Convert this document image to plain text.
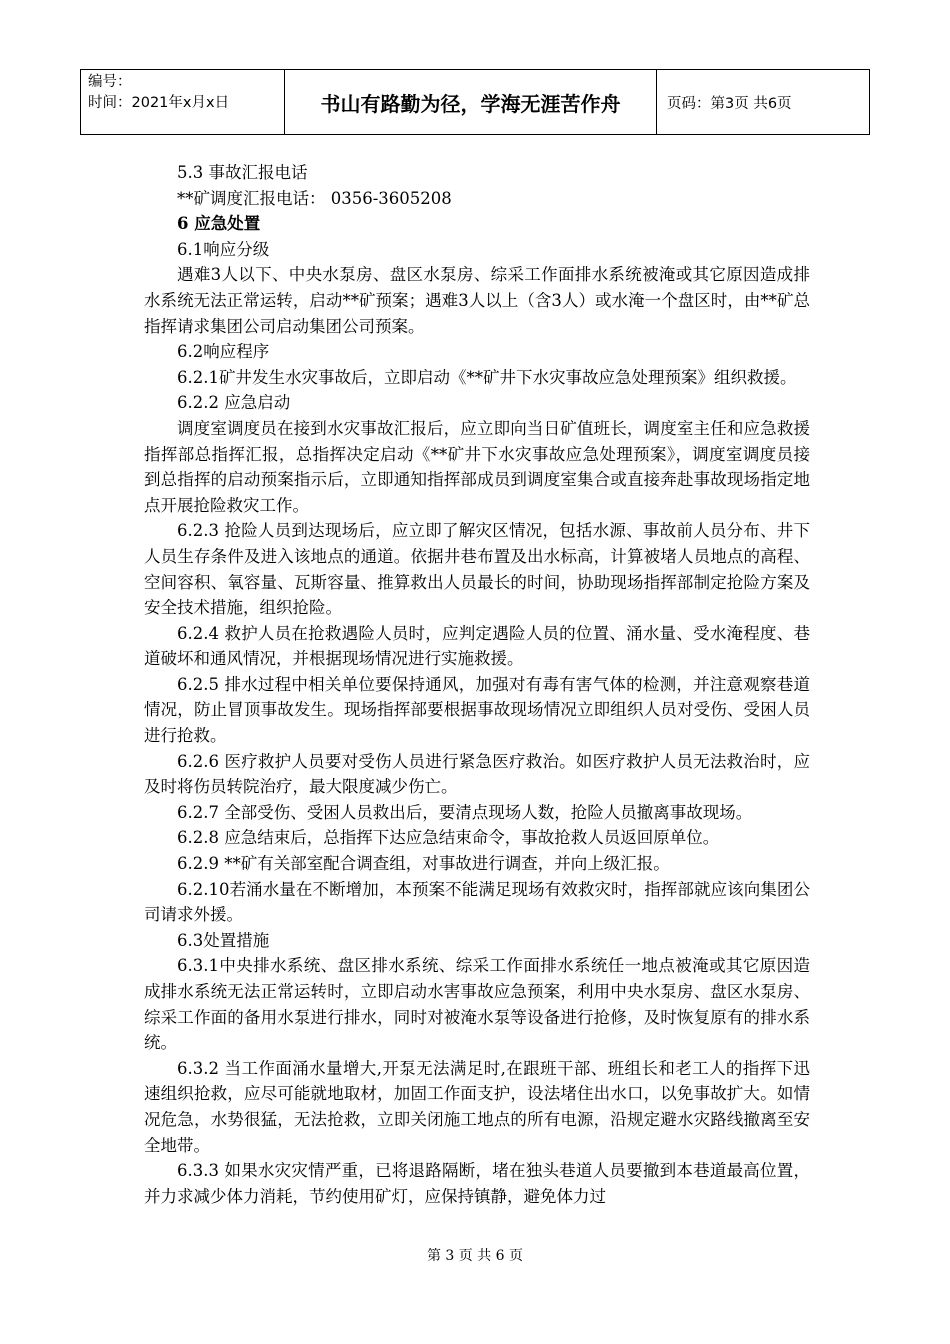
编号：
时间：2021年x月x日	书山有路勤为径，学海无涯苦作舟	页码：第3页 共6页

5.3 事故汇报电话

**矿调度汇报电话： 0356-3605208

6 应急处置

6.1响应分级

遇难3人以下、中央水泵房、盘区水泵房、综采工作面排水系统被淹或其它原因造成排水系统无法正常运转，启动**矿预案；遇难3人以上（含3人）或水淹一个盘区时，由**矿总指挥请求集团公司启动集团公司预案。

6.2响应程序

6.2.1矿井发生水灾事故后，立即启动《**矿井下水灾事故应急处理预案》组织救援。

6.2.2 应急启动

调度室调度员在接到水灾事故汇报后，应立即向当日矿值班长，调度室主任和应急救援指挥部总指挥汇报，总指挥决定启动《**矿井下水灾事故应急处理预案》，调度室调度员接到总指挥的启动预案指示后，立即通知指挥部成员到调度室集合或直接奔赴事故现场指定地点开展抢险救灾工作。

6.2.3 抢险人员到达现场后，应立即了解灾区情况，包括水源、事故前人员分布、井下人员生存条件及进入该地点的通道。依据井巷布置及出水标高，计算被堵人员地点的高程、空间容积、氧容量、瓦斯容量、推算救出人员最长的时间，协助现场指挥部制定抢险方案及安全技术措施，组织抢险。

6.2.4 救护人员在抢救遇险人员时，应判定遇险人员的位置、涌水量、受水淹程度、巷道破坏和通风情况，并根据现场情况进行实施救援。

6.2.5 排水过程中相关单位要保持通风，加强对有毒有害气体的检测，并注意观察巷道情况，防止冒顶事故发生。现场指挥部要根据事故现场情况立即组织人员对受伤、受困人员进行抢救。

6.2.6 医疗救护人员要对受伤人员进行紧急医疗救治。如医疗救护人员无法救治时，应及时将伤员转院治疗，最大限度减少伤亡。

6.2.7 全部受伤、受困人员救出后，要清点现场人数，抢险人员撤离事故现场。

6.2.8 应急结束后，总指挥下达应急结束命令，事故抢救人员返回原单位。

6.2.9 **矿有关部室配合调查组，对事故进行调查，并向上级汇报。

6.2.10若涌水量在不断增加，本预案不能满足现场有效救灾时，指挥部就应该向集团公司请求外援。

6.3处置措施

6.3.1中央排水系统、盘区排水系统、综采工作面排水系统任一地点被淹或其它原因造成排水系统无法正常运转时，立即启动水害事故应急预案，利用中央水泵房、盘区水泵房、综采工作面的备用水泵进行排水，同时对被淹水泵等设备进行抢修，及时恢复原有的排水系统。

6.3.2 当工作面涌水量增大,开泵无法满足时,在跟班干部、班组长和老工人的指挥下迅速组织抢救，应尽可能就地取材，加固工作面支护，设法堵住出水口，以免事故扩大。如情况危急，水势很猛，无法抢救，立即关闭施工地点的所有电源，沿规定避水灾路线撤离至安全地带。

6.3.3 如果水灾灾情严重，已将退路隔断，堵在独头巷道人员要撤到本巷道最高位置，并力求减少体力消耗，节约使用矿灯，应保持镇静，避免体力过

第 3 页 共 6 页
